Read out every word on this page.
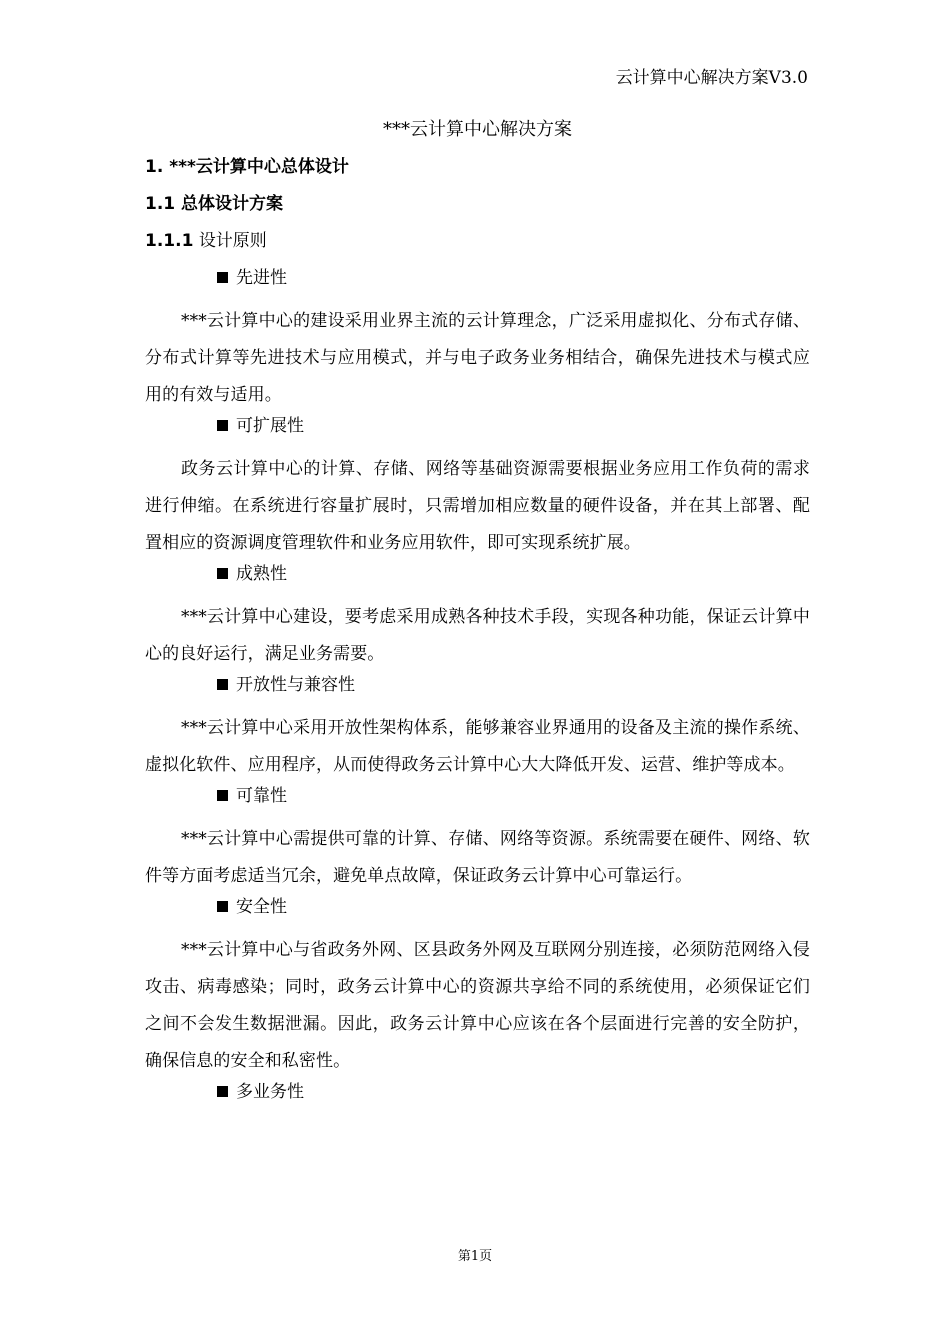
云计算中心解决方案V3.0
***云计算中心解决方案
1. ***云计算中心总体设计
1.1 总体设计方案
1.1.1 设计原则
先进性

***云计算中心的建设采用业界主流的云计算理念，广泛采用虚拟化、分布式存储、分布式计算等先进技术与应用模式，并与电子政务业务相结合，确保先进技术与模式应用的有效与适用。

可扩展性

政务云计算中心的计算、存储、网络等基础资源需要根据业务应用工作负荷的需求进行伸缩。在系统进行容量扩展时，只需增加相应数量的硬件设备，并在其上部署、配置相应的资源调度管理软件和业务应用软件，即可实现系统扩展。

成熟性

***云计算中心建设，要考虑采用成熟各种技术手段，实现各种功能，保证云计算中心的良好运行，满足业务需要。

开放性与兼容性

***云计算中心采用开放性架构体系，能够兼容业界通用的设备及主流的操作系统、虚拟化软件、应用程序，从而使得政务云计算中心大大降低开发、运营、维护等成本。

可靠性

***云计算中心需提供可靠的计算、存储、网络等资源。系统需要在硬件、网络、软件等方面考虑适当冗余，避免单点故障，保证政务云计算中心可靠运行。

安全性

***云计算中心与省政务外网、区县政务外网及互联网分别连接，必须防范网络入侵攻击、病毒感染；同时，政务云计算中心的资源共享给不同的系统使用，必须保证它们之间不会发生数据泄漏。因此，政务云计算中心应该在各个层面进行完善的安全防护，确保信息的安全和私密性。

多业务性
第1页
